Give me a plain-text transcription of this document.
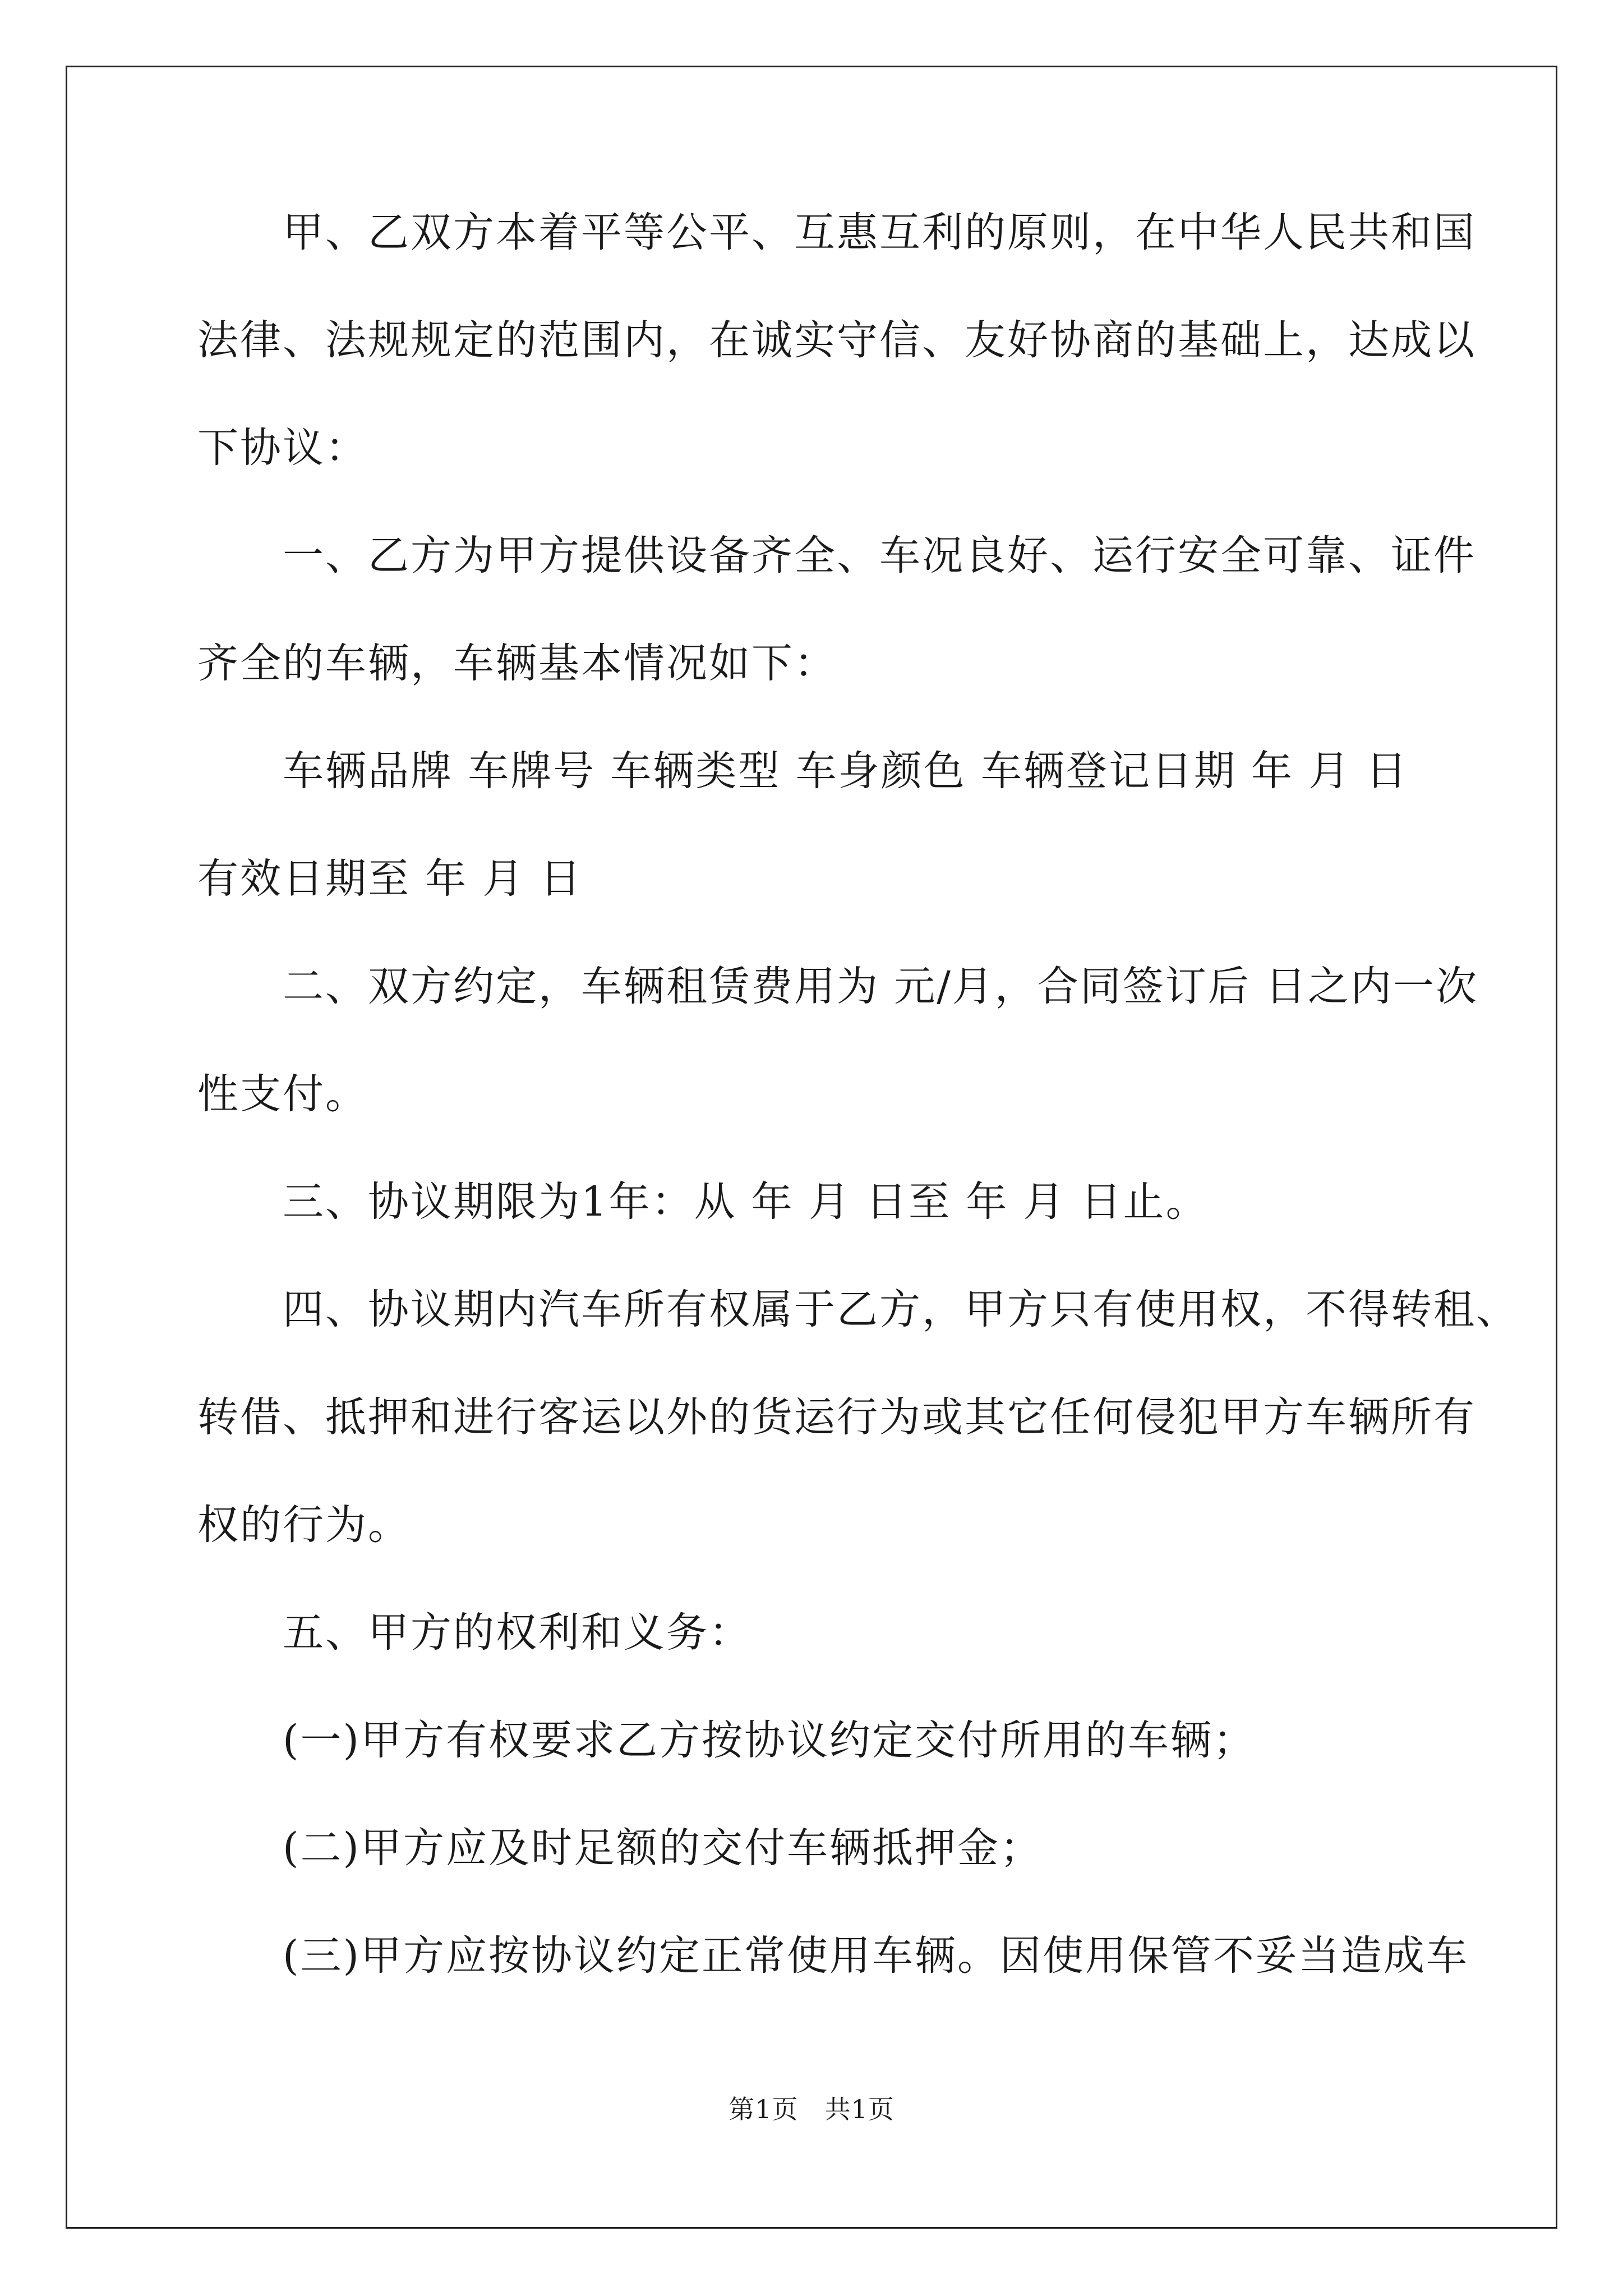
　　甲、乙双方本着平等公平、互惠互利的原则，在中华人民共和国
法律、法规规定的范围内，在诚实守信、友好协商的基础上，达成以
下协议：
　　一、乙方为甲方提供设备齐全、车况良好、运行安全可靠、证件
齐全的车辆，车辆基本情况如下：
　　车辆品牌 车牌号 车辆类型 车身颜色 车辆登记日期 年 月 日
有效日期至 年 月 日
　　二、双方约定，车辆租赁费用为 元/月，合同签订后 日之内一次
性支付。
　　三、协议期限为1年：从 年 月 日至 年 月 日止。
　　四、协议期内汽车所有权属于乙方，甲方只有使用权，不得转租、
转借、抵押和进行客运以外的货运行为或其它任何侵犯甲方车辆所有
权的行为。
　　五、甲方的权利和义务：
　　(一)甲方有权要求乙方按协议约定交付所用的车辆；
　　(二)甲方应及时足额的交付车辆抵押金；
　　(三)甲方应按协议约定正常使用车辆。因使用保管不妥当造成车
第1页　共1页
